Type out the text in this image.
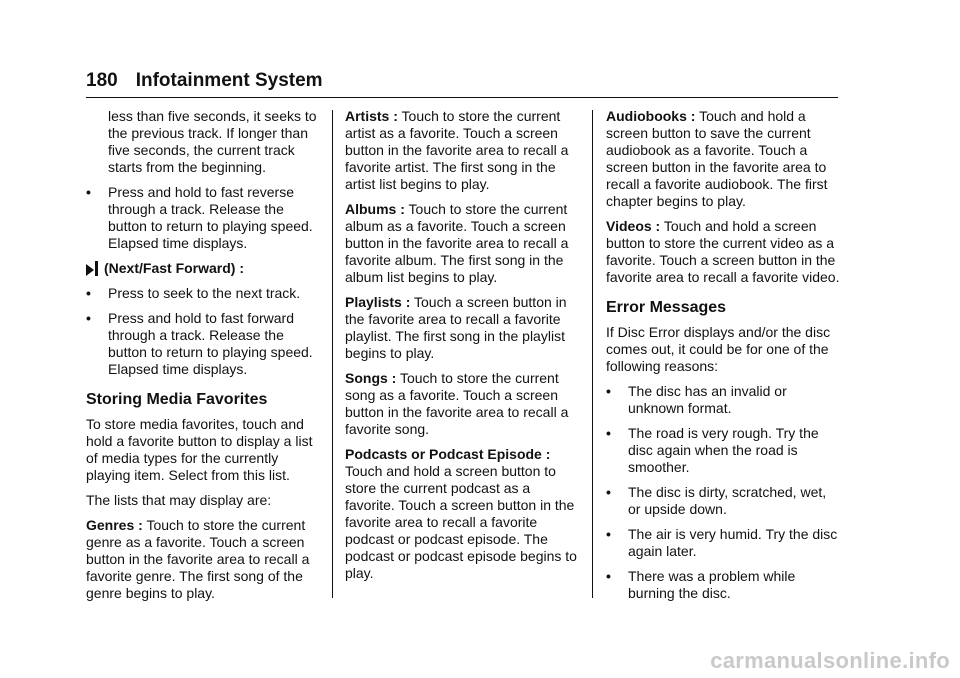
180 Infotainment System

less than five seconds, it seeks to the previous track. If longer than five seconds, the current track starts from the beginning.

•	Press and hold to fast reverse through a track. Release the button to return to playing speed. Elapsed time displays.
(Next/Fast Forward) :
•	Press to seek to the next track.
•	Press and hold to fast forward through a track. Release the button to return to playing speed. Elapsed time displays.
Storing Media Favorites

To store media favorites, touch and hold a favorite button to display a list of media types for the currently playing item. Select from this list.

The lists that may display are:

Genres : Touch to store the current genre as a favorite. Touch a screen button in the favorite area to recall a favorite genre. The first song of the genre begins to play.

Artists : Touch to store the current artist as a favorite. Touch a screen button in the favorite area to recall a favorite artist. The first song in the artist list begins to play.

Albums : Touch to store the current album as a favorite. Touch a screen button in the favorite area to recall a favorite album. The first song in the album list begins to play.

Playlists : Touch a screen button in the favorite area to recall a favorite playlist. The first song in the playlist begins to play.

Songs : Touch to store the current song as a favorite. Touch a screen button in the favorite area to recall a favorite song.

Podcasts or Podcast Episode :
Touch and hold a screen button to store the current podcast as a favorite. Touch a screen button in the favorite area to recall a favorite podcast or podcast episode. The podcast or podcast episode begins to play.

Audiobooks : Touch and hold a screen button to save the current audiobook as a favorite. Touch a screen button in the favorite area to recall a favorite audiobook. The first chapter begins to play.

Videos : Touch and hold a screen button to store the current video as a favorite. Touch a screen button in the favorite area to recall a favorite video.

Error Messages

If Disc Error displays and/or the disc comes out, it could be for one of the following reasons:

•	The disc has an invalid or unknown format.
•	The road is very rough. Try the disc again when the road is smoother.
•	The disc is dirty, scratched, wet, or upside down.
•	The air is very humid. Try the disc again later.
•	There was a problem while burning the disc.
carmanualsonline.info
